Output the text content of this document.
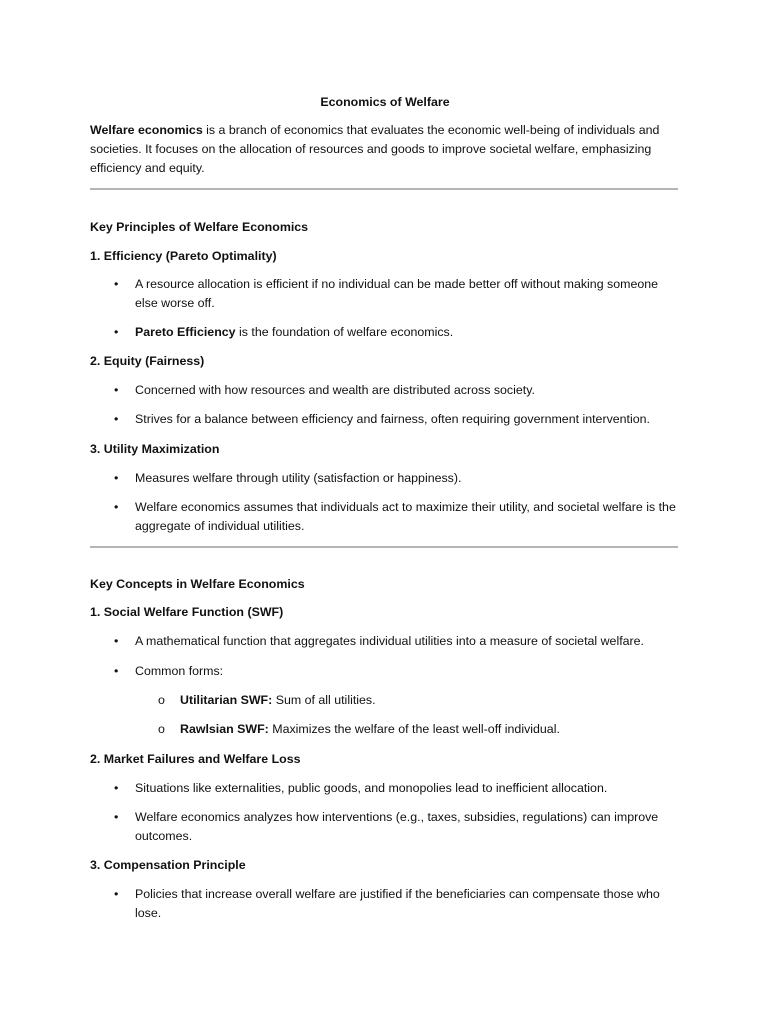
Economics of Welfare
Welfare economics is a branch of economics that evaluates the economic well-being of individuals and societies. It focuses on the allocation of resources and goods to improve societal welfare, emphasizing efficiency and equity.
Key Principles of Welfare Economics
1. Efficiency (Pareto Optimality)
•	A resource allocation is efficient if no individual can be made better off without making someone else worse off.
•	Pareto Efficiency is the foundation of welfare economics.
2. Equity (Fairness)
•	Concerned with how resources and wealth are distributed across society.
•	Strives for a balance between efficiency and fairness, often requiring government intervention.
3. Utility Maximization
•	Measures welfare through utility (satisfaction or happiness).
•	Welfare economics assumes that individuals act to maximize their utility, and societal welfare is the aggregate of individual utilities.
Key Concepts in Welfare Economics
1. Social Welfare Function (SWF)
•	A mathematical function that aggregates individual utilities into a measure of societal welfare.
•	Common forms:
o Utilitarian SWF: Sum of all utilities.
o Rawlsian SWF: Maximizes the welfare of the least well-off individual.
2. Market Failures and Welfare Loss
•	Situations like externalities, public goods, and monopolies lead to inefficient allocation.
•	Welfare economics analyzes how interventions (e.g., taxes, subsidies, regulations) can improve outcomes.
3. Compensation Principle
•	Policies that increase overall welfare are justified if the beneficiaries can compensate those who lose.
